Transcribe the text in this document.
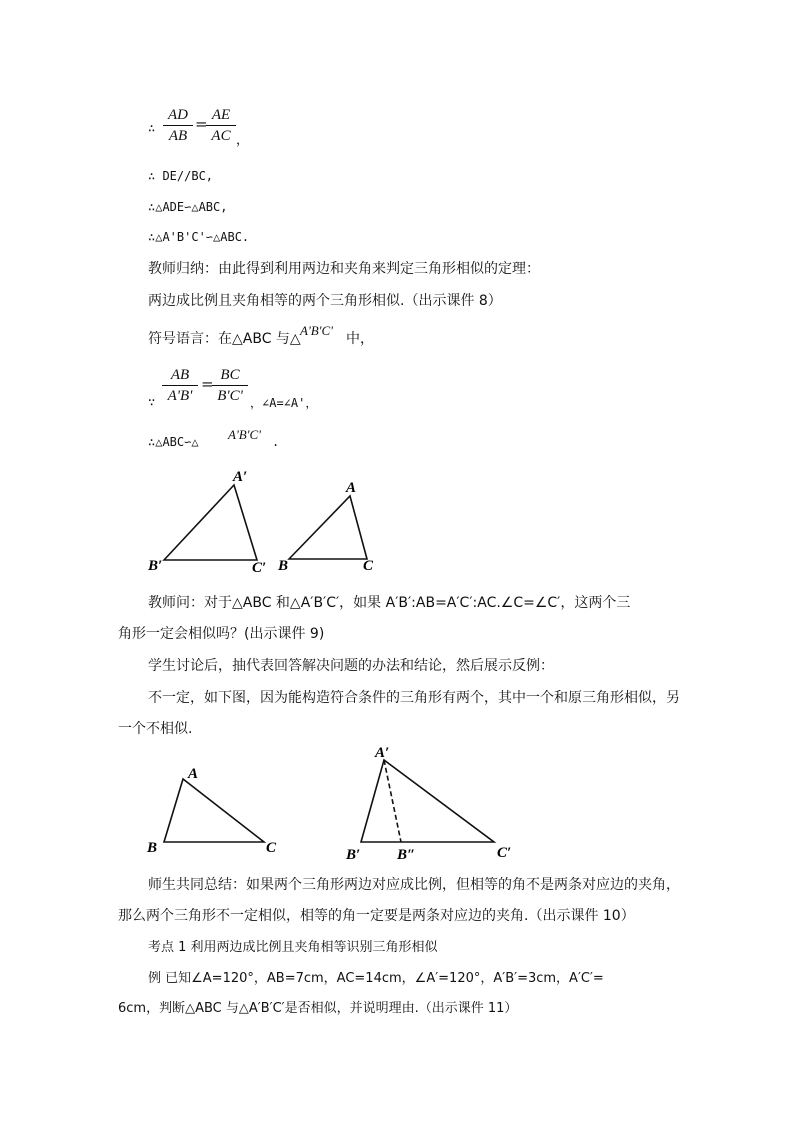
∴
AD
AB
= AE
AC ，
∴ DE//BC,
∴△ADE∽△ABC,
∴△A'B'C'∽△ABC.
教师归纳：由此得到利用两边和夹角来判定三角形相似的定理：
两边成比例且夹角相等的两个三角形相似.（出示课件 8）
符号语言：在△ABC 与△
A'B'C'
中，
∵
AB
A'B'
= BC
B'C' ，∠A=∠A'，
∴△ABC∽△ A'B'C' .
A′
B′	C′
A
B	C
A
B	C
A′
B′ B″	C′
教师问：对于△ABC 和△A′B′C′，如果 A′B′:AB=A′C′:AC.∠C=∠C′，这两个三
角形一定会相似吗？(出示课件 9)
学生讨论后，抽代表回答解决问题的办法和结论，然后展示反例：
不一定，如下图，因为能构造符合条件的三角形有两个，其中一个和原三角形相似，另
一个不相似.
师生共同总结：如果两个三角形两边对应成比例，但相等的角不是两条对应边的夹角，
那么两个三角形不一定相似，相等的角一定要是两条对应边的夹角.（出示课件 10）
考点 1 利用两边成比例且夹角相等识别三角形相似
例 已知∠A=120°，AB=7cm，AC=14cm，∠A′=120°，A′B′=3cm，A′C′=
6cm，判断△ABC 与△A′B′C′是否相似，并说明理由.（出示课件 11）
